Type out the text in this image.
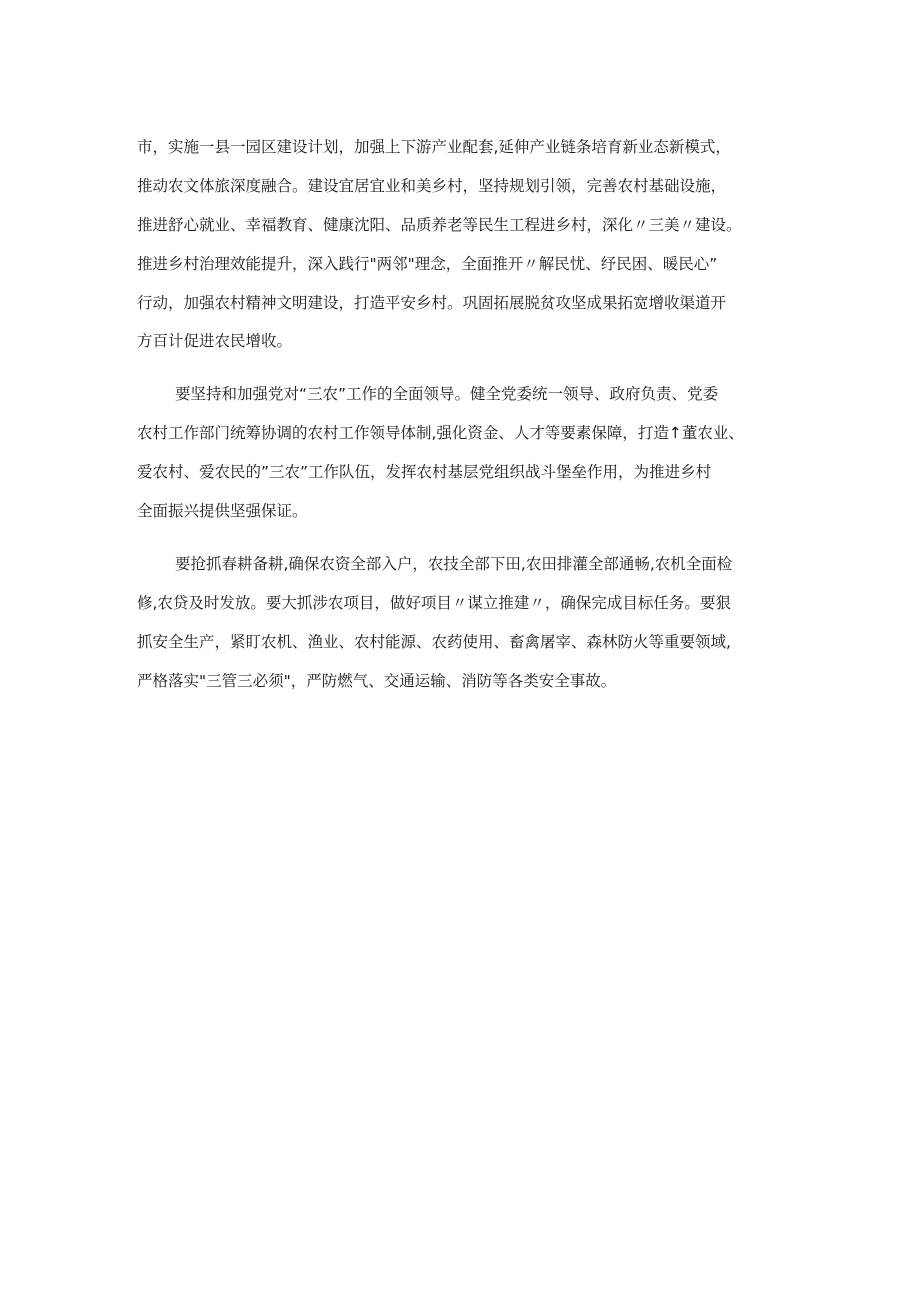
市，实施一县一园区建设计划，加强上下游产业配套,延伸产业链条培育新业态新模式，
推动农文体旅深度融合。建设宜居宜业和美乡村，坚持规划引领，完善农村基础设施，
推进舒心就业、幸福教育、健康沈阳、品质养老等民生工程进乡村，深化〃三美〃建设。
推进乡村治理效能提升，深入践行"两邻"理念，全面推开〃解民忧、纾民困、暖民心”
行动，加强农村精神文明建设，打造平安乡村。巩固拓展脱贫攻坚成果拓宽增收渠道开
方百计促进农民增收。
要坚持和加强党对“三农”工作的全面领导。健全党委统一领导、政府负责、党委
农村工作部门统筹协调的农村工作领导体制,强化资金、人才等要素保障，打造↑董农业、
爱农村、爱农民的”三农”工作队伍，发挥农村基层党组织战斗堡垒作用，为推进乡村
全面振兴提供坚强保证。
要抢抓春耕备耕,确保农资全部入户，农技全部下田,农田排灌全部通畅,农机全面检
修,农贷及时发放。要大抓涉农项目，做好项目〃谋立推建〃，确保完成目标任务。要狠
抓安全生产，紧盯农机、渔业、农村能源、农药使用、畜禽屠宰、森林防火等重要领域,
严格落实"三管三必须"，严防燃气、交通运输、消防等各类安全事故。
